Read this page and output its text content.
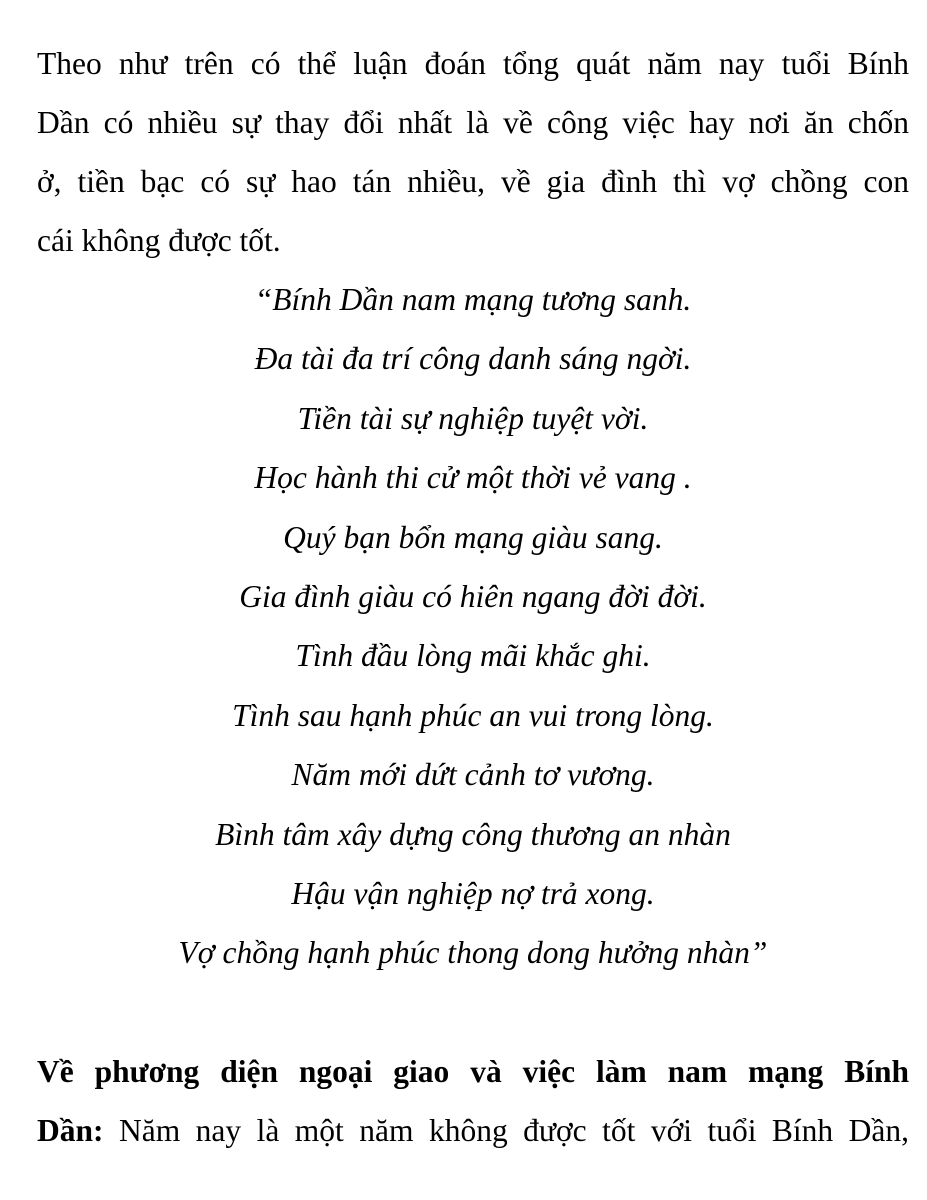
Theo như trên có thể luận đoán tổng quát năm nay tuổi Bính
Dần có nhiều sự thay đổi nhất là về công việc hay nơi ăn chốn
ở, tiền bạc có sự hao tán nhiều, về gia đình thì vợ chồng con
cái không được tốt.

“Bính Dần nam mạng tương sanh.
Đa tài đa trí công danh sáng ngời.
Tiền tài sự nghiệp tuyệt vời.
Học hành thi cử một thời vẻ vang .
Quý bạn bổn mạng giàu sang.
Gia đình giàu có hiên ngang đời đời.
Tình đầu lòng mãi khắc ghi.
Tình sau hạnh phúc an vui trong lòng.
Năm mới dứt cảnh tơ vương.
Bình tâm xây dựng công thương an nhàn
Hậu vận nghiệp nợ trả xong.
Vợ chồng hạnh phúc thong dong hưởng nhàn”

Về phương diện ngoại giao và việc làm nam mạng Bính
Dần: Năm nay là một năm không được tốt với tuổi Bính Dần,
